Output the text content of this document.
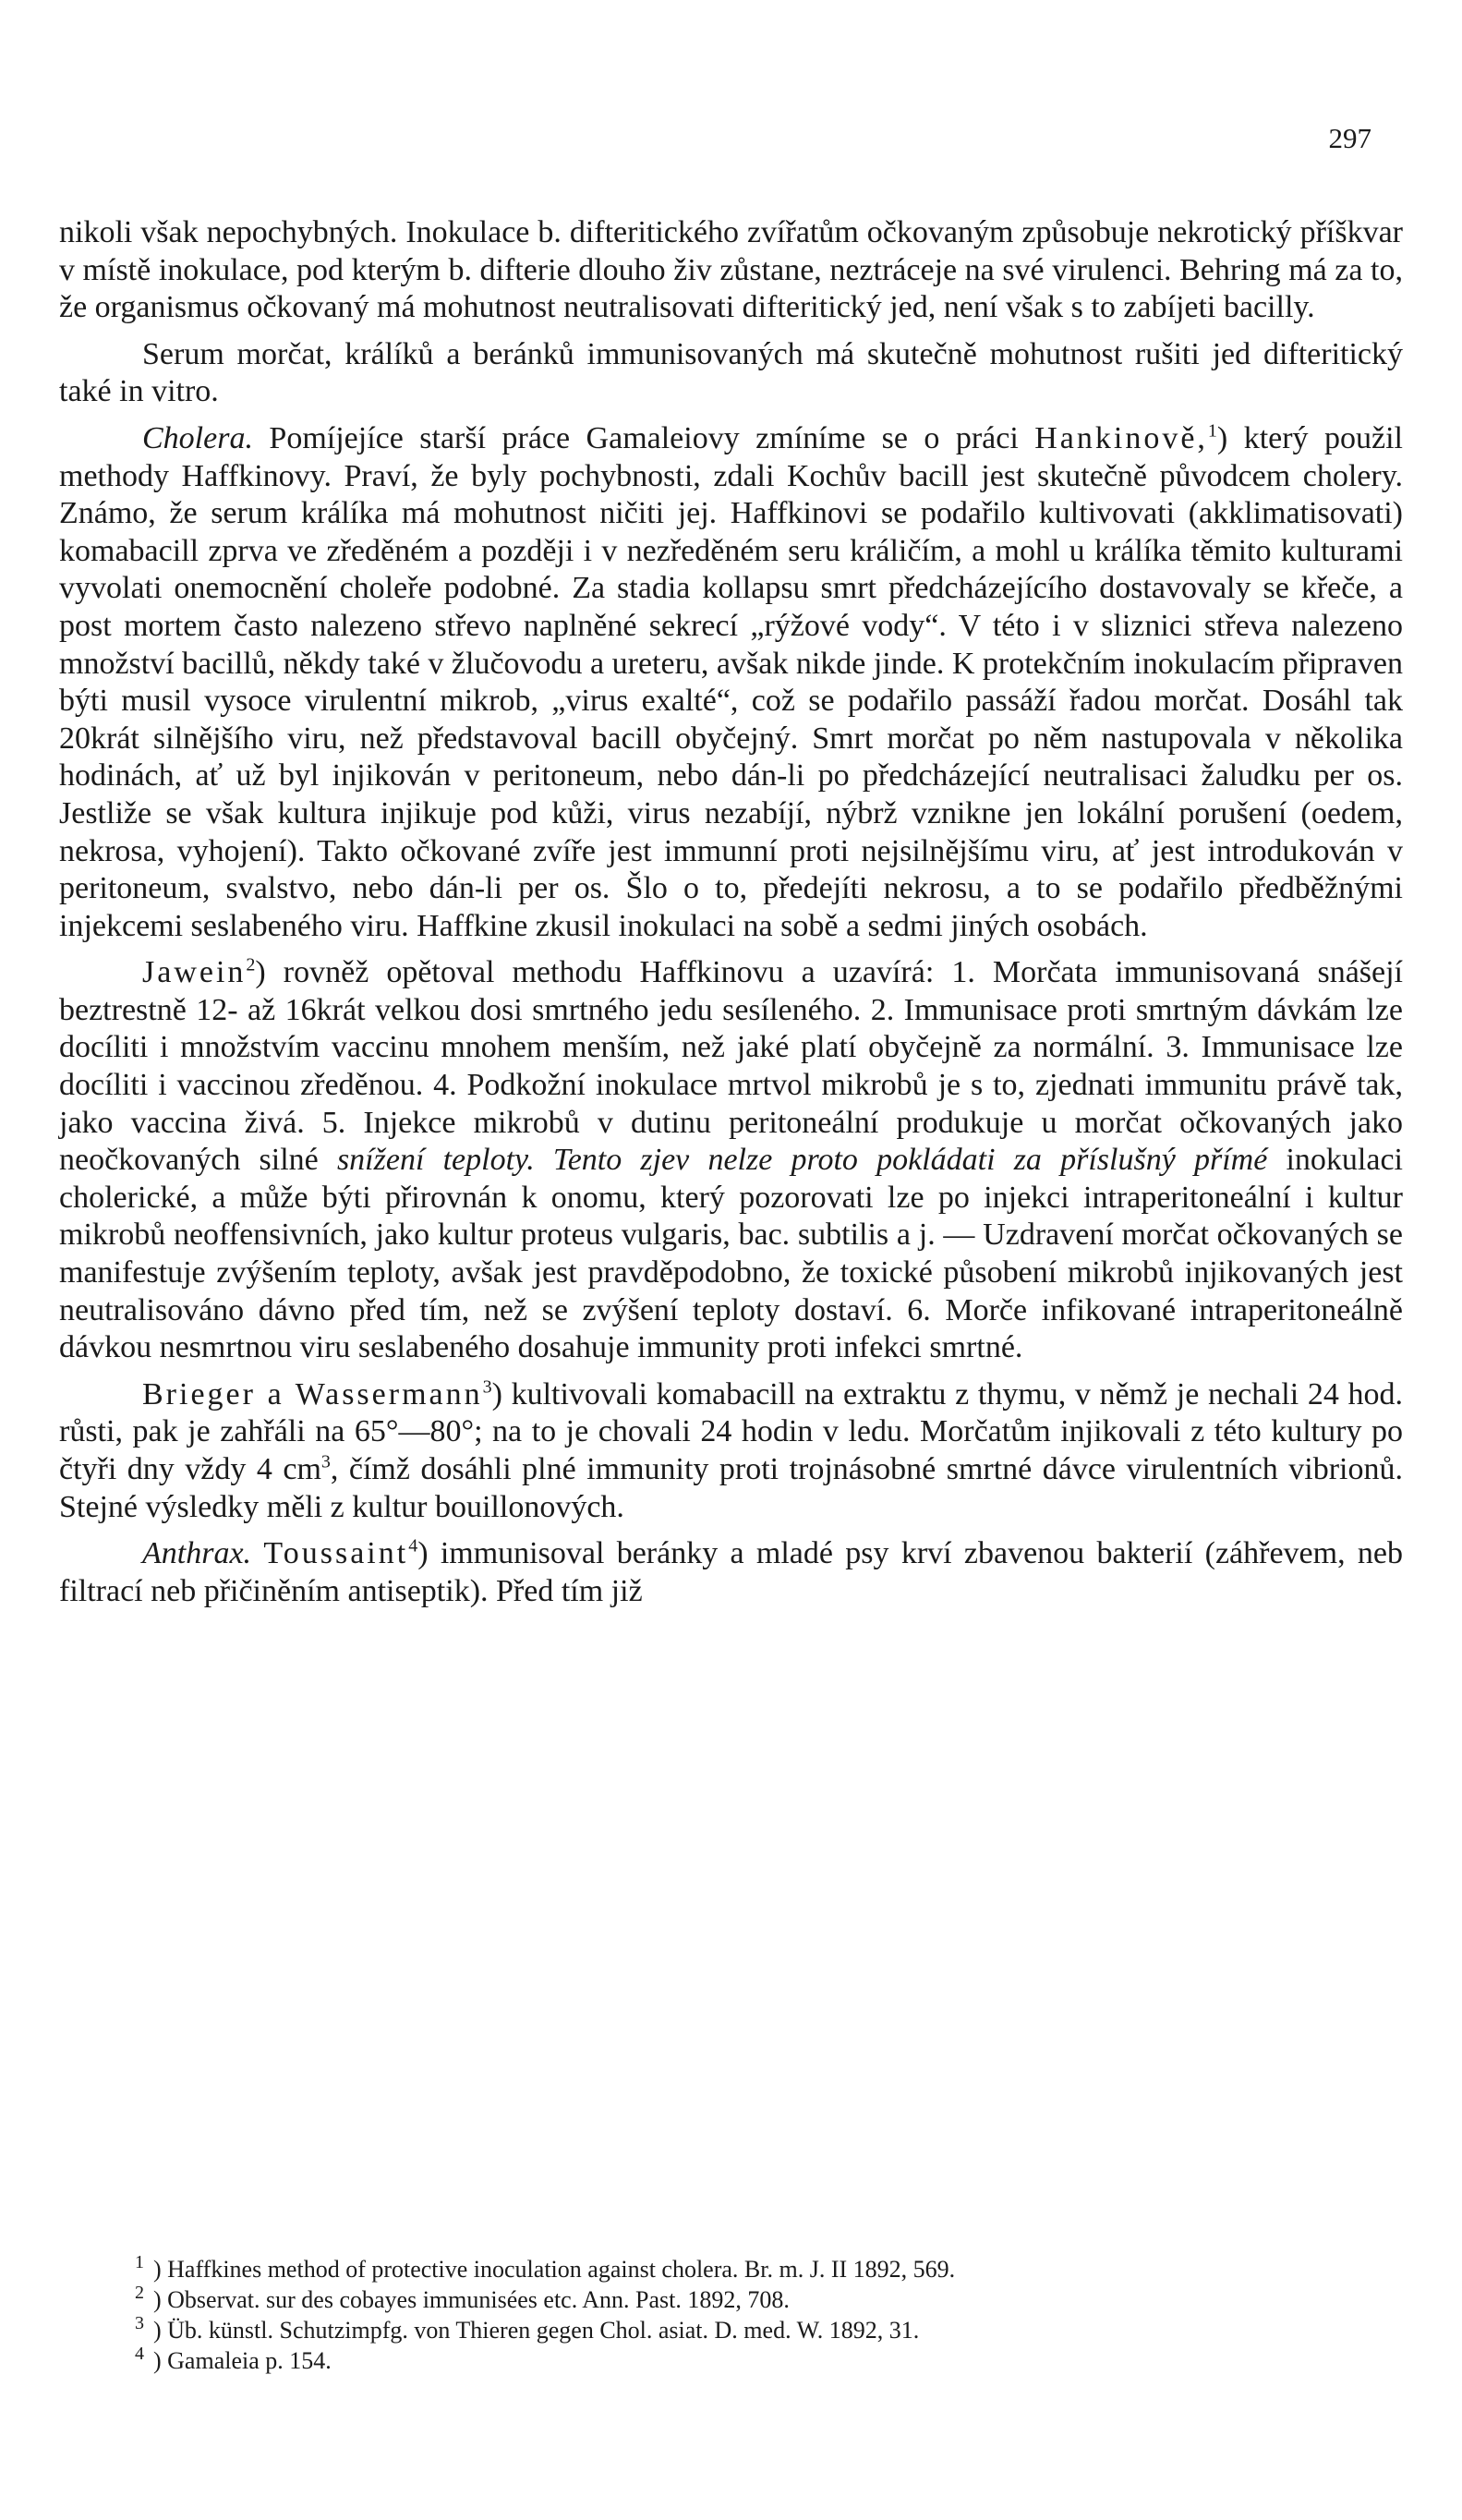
297

nikoli však nepochybných. Inokulace b. difteritického zvířatům očkovaným způsobuje nekrotický příškvar v místě inokulace, pod kterým b. difterie dlouho živ zůstane, neztráceje na své virulenci. Behring má za to, že organismus očkovaný má mohutnost neutralisovati difteritický jed, není však s to zabíjeti bacilly.

Serum morčat, králíků a beránků immunisovaných má skutečně mohutnost rušiti jed difteritický také in vitro.

Cholera. Pomíjejíce starší práce Gamaleiovy zmíníme se o práci Hankinově,$^1$) který použil methody Haffkinovy. Praví, že byly pochybnosti, zdali Kochův bacill jest skutečně původcem cholery. Známo, že serum králíka má mohutnost ničiti jej. Haffkinovi se podařilo kultivovati (akklimatisovati) komabacill zprva ve zředěném a později i v nezředěném seru králičím, a mohl u králíka těmito kulturami vyvolati onemocnění choleře podobné. Za stadia kollapsu smrt předcházejícího dostavovaly se křeče, a post mortem často nalezeno střevo naplněné sekrecí „rýžové vody“. V této i v sliznici střeva nalezeno množství bacillů, někdy také v žlučovodu a ureteru, avšak nikde jinde. K protekčním inokulacím připraven býti musil vysoce virulentní mikrob, „virus exalté“, což se podařilo passáží řadou morčat. Dosáhl tak 20krát silnějšího viru, než představoval bacill obyčejný. Smrt morčat po něm nastupovala v několika hodinách, ať už byl injikován v peritoneum, nebo dán-li po předcházející neutralisaci žaludku per os. Jestliže se však kultura injikuje pod kůži, virus nezabíjí, nýbrž vznikne jen lokální porušení (oedem, nekrosa, vyhojení). Takto očkované zvíře jest immunní proti nejsilnějšímu viru, ať jest introdukován v peritoneum, svalstvo, nebo dán-li per os. Šlo o to, předejíti nekrosu, a to se podařilo předběžnými injekcemi seslabeného viru. Haffkine zkusil inokulaci na sobě a sedmi jiných osobách.

Jawein$^2$) rovněž opětoval methodu Haffkinovu a uzavírá: 1. Morčata immunisovaná snášejí beztrestně 12- až 16krát velkou dosi smrtného jedu sesíleného. 2. Immunisace proti smrtným dávkám lze docíliti i množstvím vaccinu mnohem menším, než jaké platí obyčejně za normální. 3. Immunisace lze docíliti i vaccinou zředěnou. 4. Podkožní inokulace mrtvol mikrobů je s to, zjednati immunitu právě tak, jako vaccina živá. 5. Injekce mikrobů v dutinu peritoneální produkuje u morčat očkovaných jako neočkovaných silné snížení teploty. Tento zjev nelze proto pokládati za příslušný přímé inokulaci cholerické, a může býti přirovnán k onomu, který pozorovati lze po injekci intraperitoneální i kultur mikrobů neoffensivních, jako kultur proteus vulgaris, bac. subtilis a j. — Uzdravení morčat očkovaných se manifestuje zvýšením teploty, avšak jest pravděpodobno, že toxické působení mikrobů injikovaných jest neutralisováno dávno před tím, než se zvýšení teploty dostaví. 6. Morče infikované intraperitoneálně dávkou nesmrtnou viru seslabeného dosahuje immunity proti infekci smrtné.

Brieger a Wassermann$^3$) kultivovali komabacill na extraktu z thymu, v němž je nechali 24 hod. růsti, pak je zahřáli na 65°—80°; na to je chovali 24 hodin v ledu. Morčatům injikovali z této kultury po čtyři dny vždy 4 $cm^3$, čímž dosáhli plné immunity proti trojnásobné smrtné dávce virulentních vibrionů. Stejné výsledky měli z kultur bouillonových.

Anthrax. Toussaint$^4$) immunisoval beránky a mladé psy krví zbavenou bakterií (záhřevem, neb filtrací neb přičiněním antiseptik). Před tím již

1 ) Haffkines method of protective inoculation against cholera. Br. m. J. II 1892, 569.

2 ) Observat. sur des cobayes immunisées etc. Ann. Past. 1892, 708.

3 ) Üb. künstl. Schutzimpfg. von Thieren gegen Chol. asiat. D. med. W. 1892, 31.

4 ) Gamaleia p. 154.
